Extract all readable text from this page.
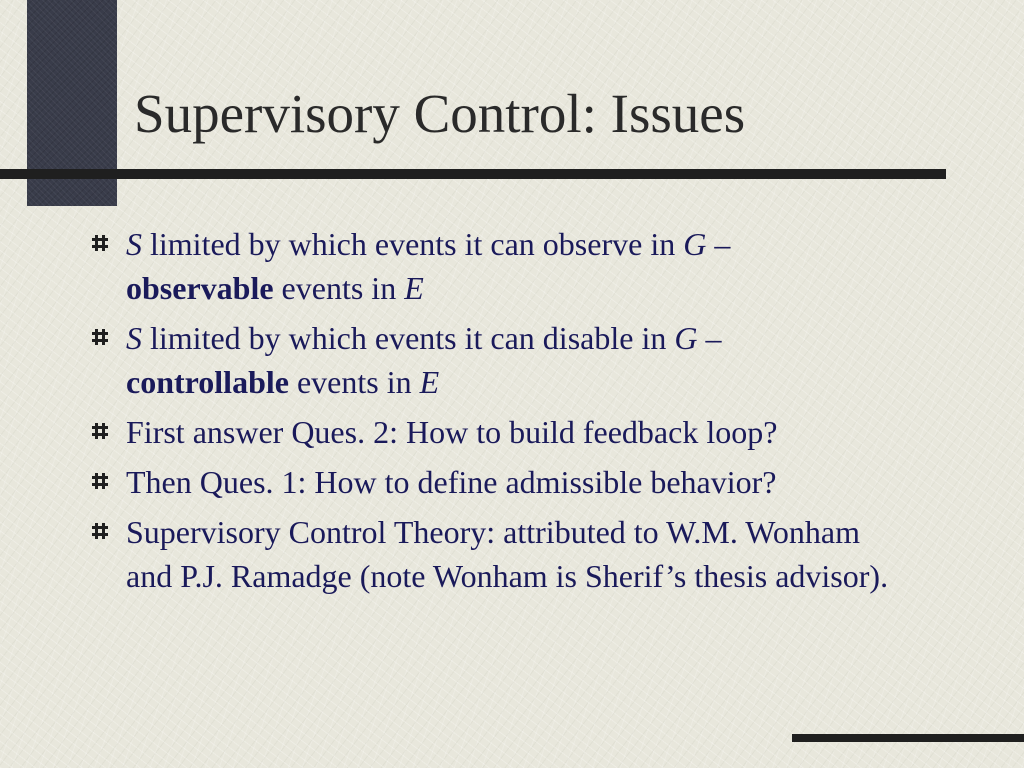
Supervisory Control: Issues
S limited by which events it can observe in G –
observable events in E
S limited by which events it can disable in G –
controllable events in E
First answer Ques. 2: How to build feedback loop?
Then Ques. 1: How to define admissible behavior?
Supervisory Control Theory: attributed to W.M. Wonham and P.J. Ramadge (note Wonham is Sherif’s thesis advisor).
